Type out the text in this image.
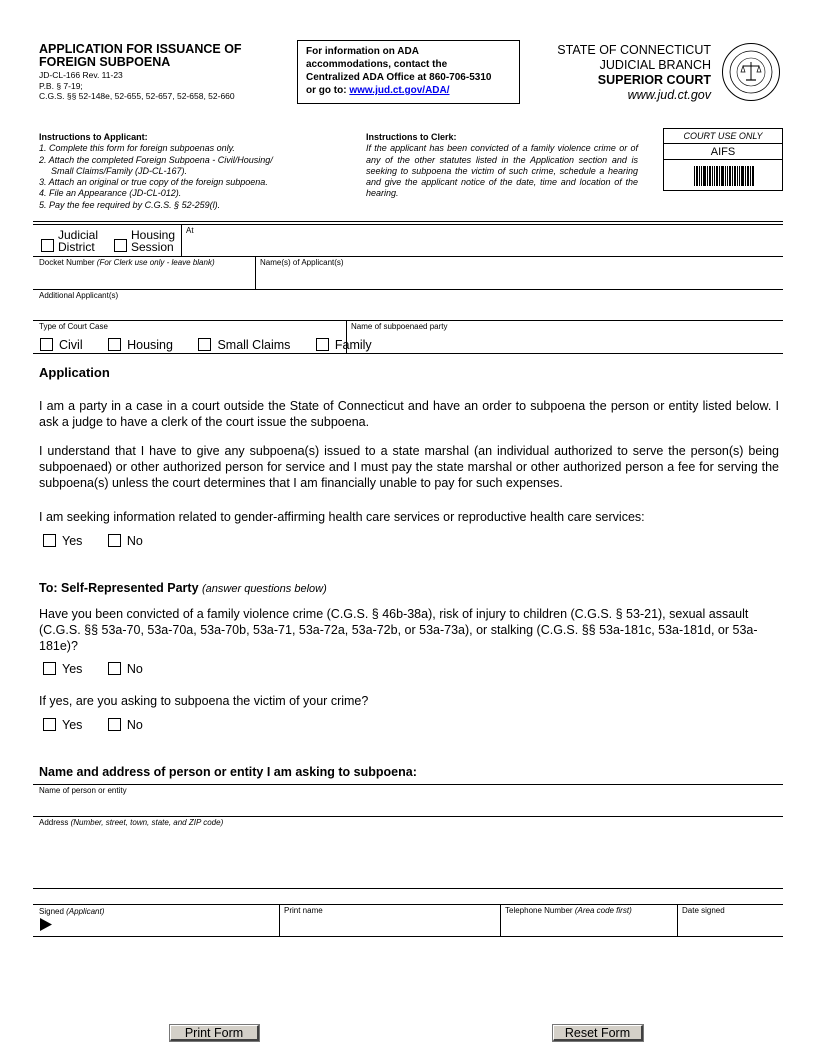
APPLICATION FOR ISSUANCE OF
FOREIGN SUBPOENA
JD-CL-166 Rev. 11-23
P.B. § 7-19;
C.G.S. §§ 52-148e, 52-655, 52-657, 52-658, 52-660
For information on ADA
accommodations, contact the
Centralized ADA Office at 860-706-5310
or go to: www.jud.ct.gov/ADA/
STATE OF CONNECTICUT
JUDICIAL BRANCH
SUPERIOR COURT
www.jud.ct.gov
Instructions to Applicant:
1. Complete this form for foreign subpoenas only.
2. Attach the completed Foreign Subpoena - Civil/Housing/
Small Claims/Family (JD-CL-167).
3. Attach an original or true copy of the foreign subpoena.
4. File an Appearance (JD-CL-012).
5. Pay the fee required by C.G.S. § 52-259(l).
Instructions to Clerk:
If the applicant has been convicted of a family violence crime or of any of the other statutes listed in the Application section and is seeking to subpoena the victim of such crime, schedule a hearing and give the applicant notice of the date, time and location of the hearing.
COURT USE ONLY
AIFS
Judicial
District
Housing
Session
At
Docket Number (For Clerk use only - leave blank)	Name(s) of Applicant(s)
Additional Applicant(s)
Type of Court Case
Civil	Housing	Small Claims	Family
Name of subpoenaed party
Application
I am a party in a case in a court outside the State of Connecticut and have an order to subpoena the person or entity listed below. I ask a judge to have a clerk of the court issue the subpoena.
I understand that I have to give any subpoena(s) issued to a state marshal (an individual authorized to serve the person(s) being subpoenaed) or other authorized person for service and I must pay the state marshal or other authorized person a fee for serving the subpoena(s) unless the court determines that I am financially unable to pay for such expenses.
I am seeking information related to gender-affirming health care services or reproductive health care services:
Yes	No
To: Self-Represented Party (answer questions below)
Have you been convicted of a family violence crime (C.G.S. § 46b-38a), risk of injury to children (C.G.S. § 53-21), sexual assault (C.G.S. §§ 53a-70, 53a-70a, 53a-70b, 53a-71, 53a-72a, 53a-72b, or 53a-73a), or stalking (C.G.S. §§ 53a-181c, 53a-181d, or 53a-181e)?
Yes	No
If yes, are you asking to subpoena the victim of your crime?
Yes	No
Name and address of person or entity I am asking to subpoena:
Name of person or entity
Address (Number, street, town, state, and ZIP code)
Signed (Applicant)	Print name	Telephone Number (Area code first)	Date signed
Print Form	Reset Form
